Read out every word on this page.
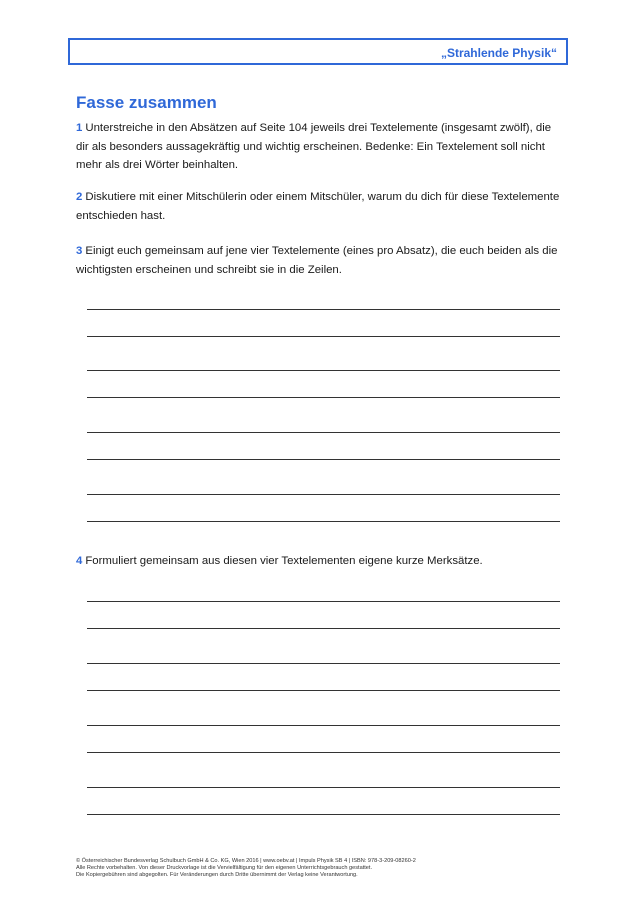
„Strahlende Physik“
Fasse zusammen

1 Unterstreiche in den Absätzen auf Seite 104 jeweils drei Textelemente (insgesamt zwölf), die dir als besonders aussagekräftig und wichtig erscheinen. Bedenke: Ein Textelement soll nicht mehr als drei Wörter beinhalten.

2 Diskutiere mit einer Mitschülerin oder einem Mitschüler, warum du dich für diese Textelemente entschieden hast.

3 Einigt euch gemeinsam auf jene vier Textelemente (eines pro Absatz), die euch beiden als die wichtigsten erscheinen und schreibt sie in die Zeilen.

4 Formuliert gemeinsam aus diesen vier Textelementen eigene kurze Merksätze.

© Österreichischer Bundesverlag Schulbuch GmbH & Co. KG, Wien 2016 | www.oebv.at | Impuls Physik SB 4 | ISBN: 978-3-209-08260-2
Alle Rechte vorbehalten. Von dieser Druckvorlage ist die Vervielfältigung für den eigenen Unterrichtsgebrauch gestattet.
Die Kopiergebühren sind abgegolten. Für Veränderungen durch Dritte übernimmt der Verlag keine Verantwortung.
